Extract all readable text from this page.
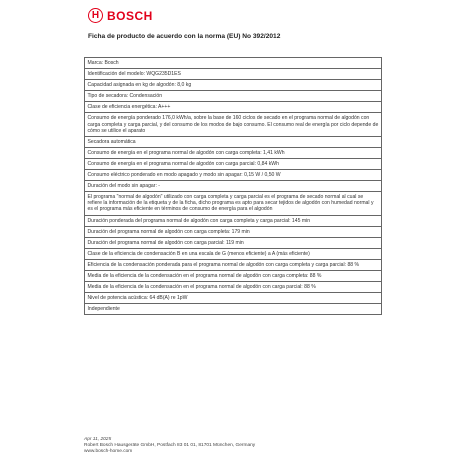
H BOSCH
Ficha de producto de acuerdo con la norma (EU) No 392/2012
Marca: Bosch
Identificación del modelo: WQG235D1ES
Capacidad asignada en kg de algodón: 8,0 kg
Tipo de secadora: Condensación
Clase de eficiencia energética: A+++
Consumo de energía ponderado 176,0 kWh/a, sobre la base de 160 ciclos de secado en el programa normal de algodón con carga completa y carga parcial, y del consumo de los modos de bajo consumo. El consumo real de energía por ciclo depende de cómo se utilice el aparato
Secadora automática
Consumo de energía en el programa normal de algodón con carga completa: 1,41 kWh
Consumo de energía en el programa normal de algodón con carga parcial: 0,84 kWh
Consumo eléctrico ponderado en modo apagado y modo sin apagar: 0,15 W / 0,50 W
Duración del modo sin apagar: -
El programa "normal de algodón" utilizado con carga completa y carga parcial es el programa de secado normal al cual se refiere la información de la etiqueta y de la ficha, dicho programa es apto para secar tejidos de algodón con humedad normal y es el programa más eficiente en términos de consumo de energía para el algodón
Duración ponderada del programa normal de algodón con carga completa y carga parcial: 145 min
Duración del programa normal de algodón con carga completa: 179 min
Duración del programa normal de algodón con carga parcial: 119 min
Clase de la eficiencia de condensación B en una escala de G (menos eficiente) a A (más eficiente)
Eficiencia de la condensación ponderada para el programa normal de algodón con carga completa y carga parcial: 88 %
Media de la eficiencia de la condensación en el programa normal de algodón con carga completa: 88 %
Media de la eficiencia de la condensación en el programa normal de algodón con carga parcial: 88 %
Nivel de potencia acústica: 64 dB(A) re 1pW
Independiente
Apr 11, 2025
Robert Bosch Hausgeräte GmbH, Postfach 83 01 01, 81701 München, Germany
www.bosch-home.com
